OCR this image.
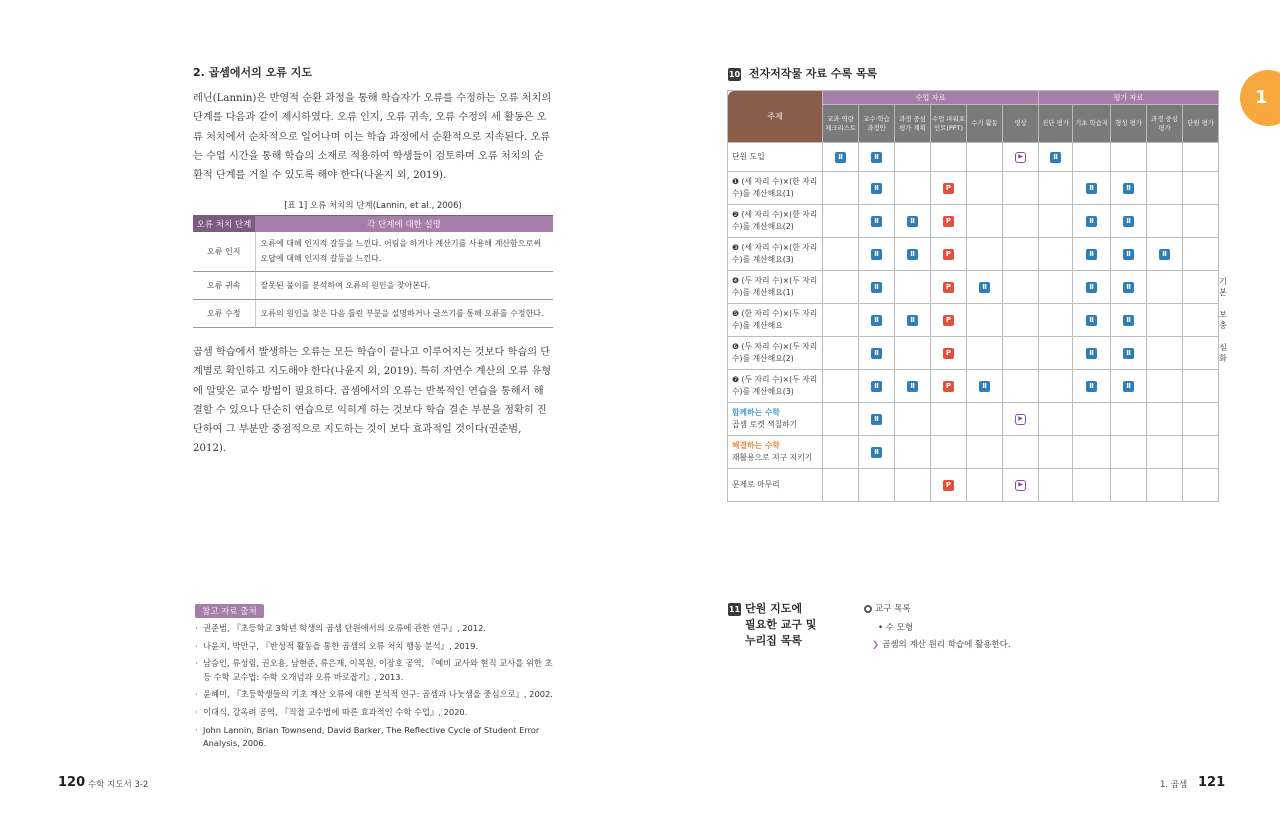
2. 곱셈에서의 오류 지도

레닌(Lannin)은 반영적 순환 과정을 통해 학습자가 오류를 수정하는 오류 처치의 단계를 다음과 같이 제시하였다. 오류 인지, 오류 귀속, 오류 수정의 세 활동은 오류 처치에서 순차적으로 일어나며 이는 학습 과정에서 순환적으로 지속된다. 오류는 수업 시간을 통해 학습의 소재로 적용하여 학생들이 검토하며 오류 처치의 순환적 단계를 거칠 수 있도록 해야 한다(나윤지 외, 2019).

[표 1] 오류 처치의 단계(Lannin, et al., 2006)
오류 처치 단계	각 단계에 대한 설명
오류 인지	오류에 대해 인지적 갈등을 느낀다. 어림을 하거나 계산기를 사용해 계산함으로써 오답에 대해 인지적 갈등을 느낀다.
오류 귀속	잘못된 풀이를 분석하여 오류의 원인을 찾아본다.
오류 수정	오류의 원인을 찾은 다음 틀린 부분을 설명하거나 글쓰기를 통해 오류를 수정한다.

곱셈 학습에서 발생하는 오류는 모든 학습이 끝나고 이루어지는 것보다 학습의 단계별로 확인하고 지도해야 한다(나윤지 외, 2019). 특히 자연수 계산의 오류 유형에 알맞은 교수 방법이 필요하다. 곱셈에서의 오류는 반복적인 연습을 통해서 해결할 수 있으나 단순히 연습으로 익히게 하는 것보다 학습 결손 부분을 정확히 진단하여 그 부분만 중점적으로 지도하는 것이 보다 효과적일 것이다(권준범, 2012).

참고 자료 출처
· 권준범, 『초등학교 3학년 학생의 곱셈 단원에서의 오류에 관한 연구』, 2012.
· 나윤지, 박만구, 『반성적 활동을 통한 곱셈의 오류 처치 행동 분석』, 2019.
· 남승인, 류성림, 권오용, 남현준, 류은재, 이목원, 이장호 공역, 『예비 교사와 현직 교사를 위한 초등 수학 교수법: 수학 오개념과 오류 바로잡기』, 2013.
· 윤혜미, 『초등학생들의 기초 계산 오류에 대한 분석적 연구: 곱셈과 나눗셈을 중심으로』, 2002.
· 이대식, 강옥려 공역, 『직접 교수법에 따른 효과적인 수학 수업』, 2020.
· John Lannin, Brian Townsend, David Barker, The Reflective Cycle of Student Error Analysis, 2006.
120 수학 지도서 3-2
10 전자저작물 자료 수록 목록
주제	수업 자료						평가 자료					
	교과 역량 체크리스트	교수·학습 과정안	과정 중심 평가 계획	수업 파워포인트(PPT)	수기 활동	영상	진단 평가	기초 학습지	형성 평가	과정 중심 평가	단원 평가	
단원 도입	Ⅱ	Ⅱ				▶	Ⅱ					
❶ (세 자리 수)×(한 자리 수)를 계산해요(1)		Ⅱ		P				Ⅱ	Ⅱ			
❷ (세 자리 수)×(한 자리 수)를 계산해요(2)		Ⅱ	Ⅱ	P				Ⅱ	Ⅱ			
❸ (세 자리 수)×(한 자리 수)를 계산해요(3)		Ⅱ	Ⅱ	P				Ⅱ	Ⅱ	Ⅱ		
❹ (두 자리 수)×(두 자리 수)를 계산해요(1)		Ⅱ		P	Ⅱ			Ⅱ	Ⅱ			기본
❺ (한 자리 수)×(두 자리 수)를 계산해요		Ⅱ	Ⅱ	P				Ⅱ	Ⅱ			보충
❻ (두 자리 수)×(두 자리 수)를 계산해요(2)		Ⅱ		P				Ⅱ	Ⅱ			심화
❼ (두 자리 수)×(두 자리 수)를 계산해요(3)		Ⅱ	Ⅱ	P	Ⅱ			Ⅱ	Ⅱ			
함께하는 수학
곱셈 로켓 색칠하기		Ⅱ				▶						
해결하는 수학
재활용으로 지구 지키기		Ⅱ										
문제로 마무리				P		▶						
11 단원 지도에
필요한 교구 및
누리집 목록
교구 목록
• 수 모형
❯ 곱셈의 계산 원리 학습에 활용한다.
1. 곱셈 121
1
